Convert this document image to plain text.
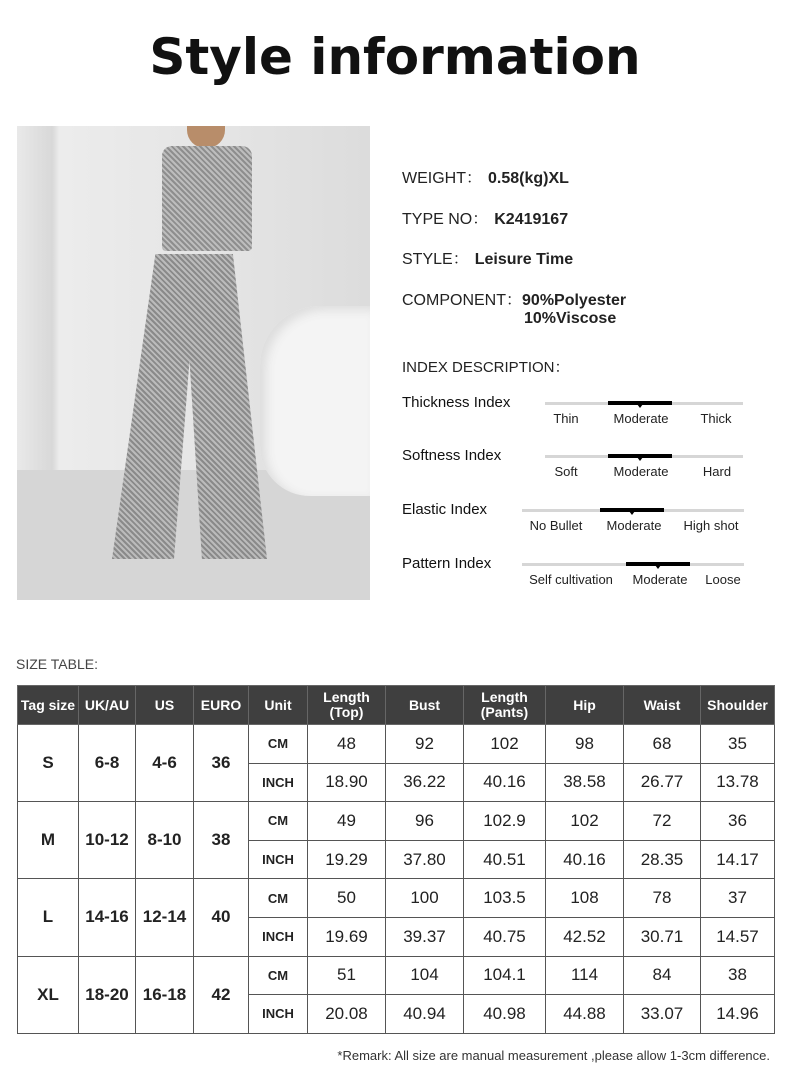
Style information
WEIGHT： 0.58(kg)XL
TYPE NO： K2419167
STYLE： Leisure Time
COMPONENT：90%Polyester
10%Viscose
INDEX DESCRIPTION：
Thickness Index
Thin	Moderate	Thick
Softness Index
Soft	Moderate	Hard
Elastic Index
No Bullet	Moderate	High shot
Pattern Index
Self cultivation	Moderate	Loose
SIZE TABLE:
Tag size	UK/AU	US	EURO	Unit	Length (Top)	Bust	Length (Pants)	Hip	Waist	Shoulder
S	6-8	4-6	36	CM	48	92	102	98	68	35
				INCH	18.90	36.22	40.16	38.58	26.77	13.78
M	10-12	8-10	38	CM	49	96	102.9	102	72	36
				INCH	19.29	37.80	40.51	40.16	28.35	14.17
L	14-16	12-14	40	CM	50	100	103.5	108	78	37
				INCH	19.69	39.37	40.75	42.52	30.71	14.57
XL	18-20	16-18	42	CM	51	104	104.1	114	84	38
				INCH	20.08	40.94	40.98	44.88	33.07	14.96
*Remark: All size are manual measurement ,please allow 1-3cm difference.
